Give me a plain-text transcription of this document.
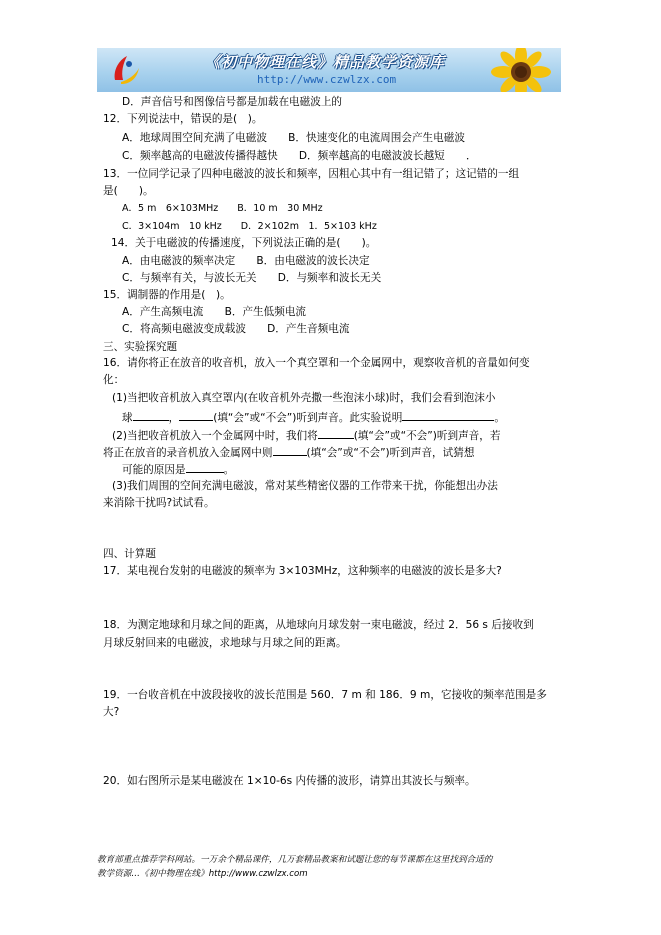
《初中物理在线》精品教学资源库
http://www.czwlzx.com
D．声音信号和图像信号都是加载在电磁波上的
12．下列说法中，错误的是(　)。
A．地球周围空间充满了电磁波　　B．快速变化的电流周围会产生电磁波
C．频率越高的电磁波传播得越快　　D．频率越高的电磁波波长越短　　．
13．一位同学记录了四种电磁波的波长和频率，因粗心其中有一组记错了；这记错的一组
是(　　)。
A．5 m　6×103MHz　　B．10 m　30 MHz
C．3×104m　10 kHz　　D．2×102m　1．5×103 kHz
14．关于电磁波的传播速度，下列说法正确的是(　　)。
A．由电磁波的频率决定　　B．由电磁波的波长决定
C．与频率有关，与波长无关　　D．与频率和波长无关
15．调制器的作用是(　)。
A．产生高频电流　　B．产生低频电流
C．将高频电磁波变成载波　　D．产生音频电流
三、实验探究题
16．请你将正在放音的收音机，放入一个真空罩和一个金属网中，观察收音机的音量如何变
化：
(1)当把收音机放入真空罩内(在收音机外壳撒一些泡沫小球)时，我们会看到泡沫小
球	，	(填“会”或“不会”)听到声音。此实验说明	。
(2)当把收音机放入一个金属网中时，我们将	(填“会”或“不会”)听到声音，若
将正在放音的录音机放入金属网中则	(填“会”或“不会”)听到声音，试猜想
可能的原因是	。
(3)我们周围的空间充满电磁波，常对某些精密仪器的工作带来干扰，你能想出办法
来消除干扰吗?试试看。
四、计算题
17．某电视台发射的电磁波的频率为 3×103MHz，这种频率的电磁波的波长是多大?
18．为测定地球和月球之间的距离，从地球向月球发射一束电磁波，经过 2．56 s 后接收到
月球反射回来的电磁波，求地球与月球之间的距离。
19．一台收音机在中波段接收的波长范围是 560．7 m 和 186．9 m，它接收的频率范围是多
大?
20．如右图所示是某电磁波在 1×10-6s 内传播的波形，请算出其波长与频率。
教育部重点推荐学科网站。一万余个精品课件，几万套精品教案和试题让您的每节课都在这里找到合适的
教学资源…《初中物理在线》http://www.czwlzx.com
